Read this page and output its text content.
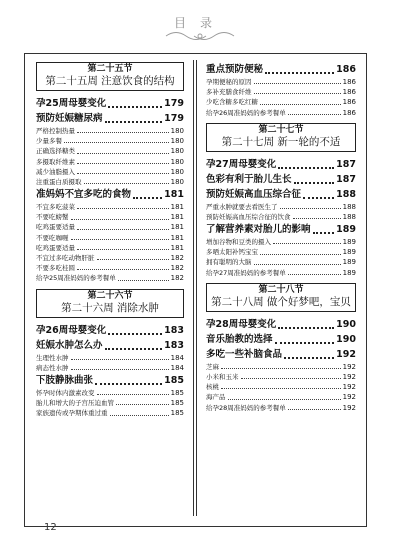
目录
第二十五节
第二十五周 注意饮食的结构
孕25周母婴变化	179
预防妊娠糖尿病	179
严格控制热量	180
少量多餐	180
正确选择糖类	180
多摄取纤维素	180
减少油脂摄入	180
注重蛋白质摄取	180
准妈妈不宜多吃的食物	181
不宜多吃菠菜	181
不要吃螃蟹	181
吃鸡蛋要适量	181
不要吃咖喱	181
吃鸡蛋要适量	181
不宜过多吃动物肝脏	182
不要多吃桂圆	182
给孕25周准妈妈的参考餐单	182
第二十六节
第二十六周 消除水肿
孕26周母婴变化	183
妊娠水肿怎么办	183
生理性水肿	184
病态性水肿	184
下肢静脉曲张	185
怀孕时体内激素改变	185
胎儿和增大的子宫压迫血管	185
家族遗传或孕期体重过重	185
重点预防便秘	186
孕期便秘的原因	186
多补充膳食纤维	186
少吃含糖多吃红糖	186
给孕26周准妈妈的参考餐单	186
第二十七节
第二十七周 新一轮的不适
孕27周母婴变化	187
色彩有利于胎儿生长	187
预防妊娠高血压综合征	188
严重水肿就要去看医生了	188
预防妊娠高血压综合征的饮食	188
了解营养素对胎儿的影响	189
增加谷物和豆类的摄入	189
多晒太阳补钙宝宝	189
拥有聪明的大脑	189
给孕27周准妈妈的参考餐单	189
第二十八节
第二十八周 做个好梦吧，宝贝
孕28周母婴变化	190
音乐胎教的选择	190
多吃一些补脑食品	192
芝麻	192
小米和玉米	192
核桃	192
海产品	192
给孕28周准妈妈的参考餐单	192
12
